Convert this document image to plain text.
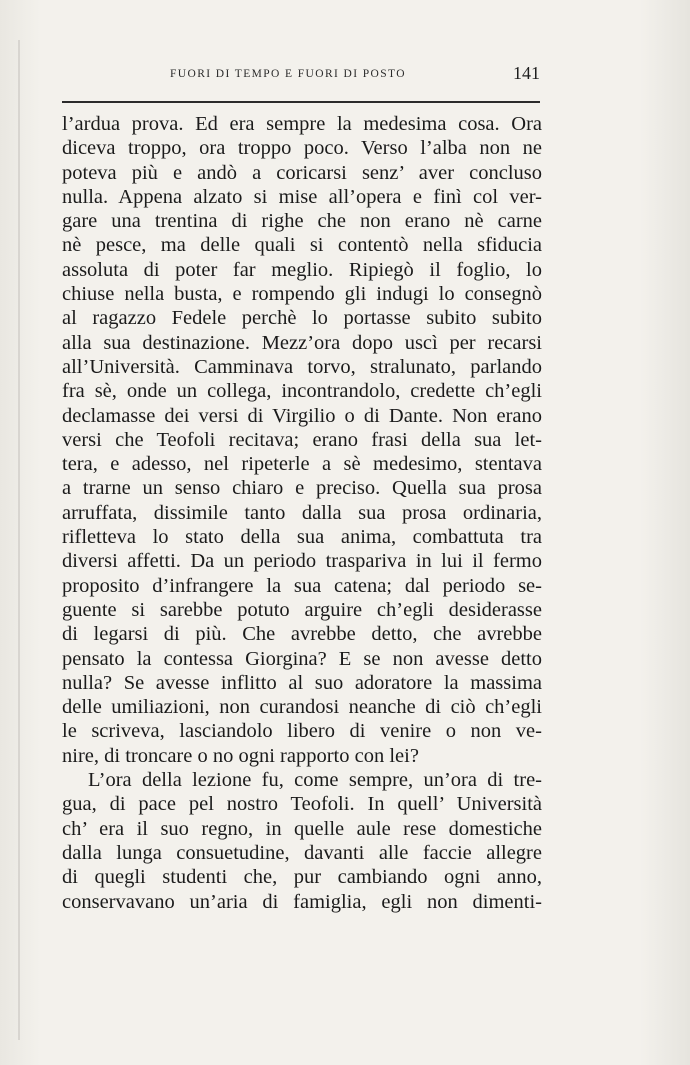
FUORI DI TEMPO E FUORI DI POSTO	141
l’ardua prova. Ed era sempre la medesima cosa. Ora
diceva troppo, ora troppo poco. Verso l’alba non ne
poteva più e andò a coricarsi senz’ aver concluso
nulla. Appena alzato si mise all’opera e finì col ver-
gare una trentina di righe che non erano nè carne
nè pesce, ma delle quali si contentò nella sfiducia
assoluta di poter far meglio. Ripiegò il foglio, lo
chiuse nella busta, e rompendo gli indugi lo consegnò
al ragazzo Fedele perchè lo portasse subito subito
alla sua destinazione. Mezz’ora dopo uscì per recarsi
all’Università. Camminava torvo, stralunato, parlando
fra sè, onde un collega, incontrandolo, credette ch’egli
declamasse dei versi di Virgilio o di Dante. Non erano
versi che Teofoli recitava; erano frasi della sua let-
tera, e adesso, nel ripeterle a sè medesimo, stentava
a trarne un senso chiaro e preciso. Quella sua prosa
arruffata, dissimile tanto dalla sua prosa ordinaria,
rifletteva lo stato della sua anima, combattuta tra
diversi affetti. Da un periodo traspariva in lui il fermo
proposito d’infrangere la sua catena; dal periodo se-
guente si sarebbe potuto arguire ch’egli desiderasse
di legarsi di più. Che avrebbe detto, che avrebbe
pensato la contessa Giorgina? E se non avesse detto
nulla? Se avesse inflitto al suo adoratore la massima
delle umiliazioni, non curandosi neanche di ciò ch’egli
le scriveva, lasciandolo libero di venire o non ve-
nire, di troncare o no ogni rapporto con lei?
L’ora della lezione fu, come sempre, un’ora di tre-
gua, di pace pel nostro Teofoli. In quell’ Università
ch’ era il suo regno, in quelle aule rese domestiche
dalla lunga consuetudine, davanti alle faccie allegre
di quegli studenti che, pur cambiando ogni anno,
conservavano un’aria di famiglia, egli non dimenti-
